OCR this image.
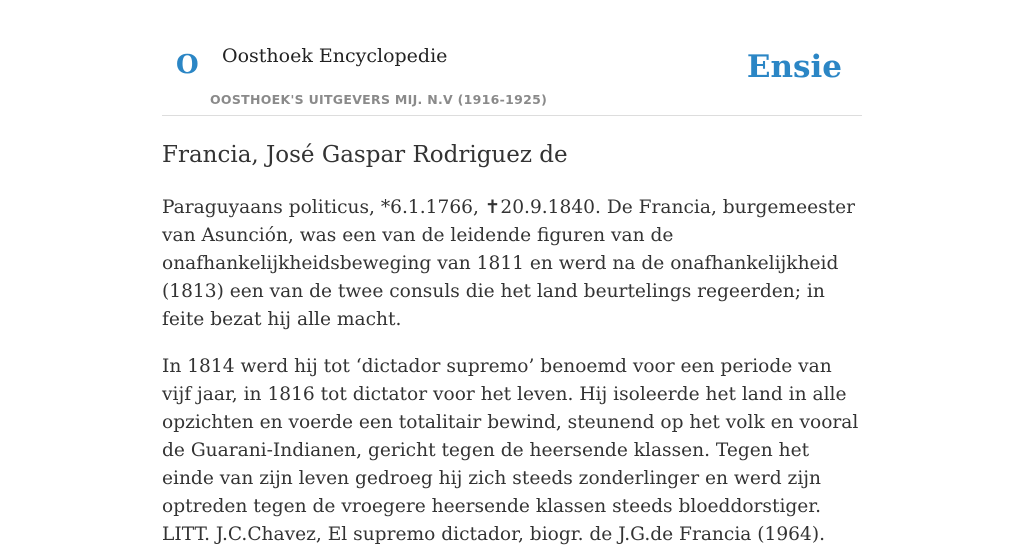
O Oosthoek Encyclopedie
OOSTHOEK'S UITGEVERS MIJ. N.V (1916-1925)
Ensie
Francia, José Gaspar Rodriguez de

Paraguyaans politicus, *6.1.1766, ✝20.9.1840. De Francia, burgemeester van Asunción, was een van de leidende figuren van de onafhankelijkheidsbeweging van 1811 en werd na de onafhankelijkheid (1813) een van de twee consuls die het land beurtelings regeerden; in feite bezat hij alle macht.

In 1814 werd hij tot ‘dictador supremo’ benoemd voor een periode van vijf jaar, in 1816 tot dictator voor het leven. Hij isoleerde het land in alle opzichten en voerde een totalitair bewind, steunend op het volk en vooral de Guarani-Indianen, gericht tegen de heersende klassen. Tegen het einde van zijn leven gedroeg hij zich steeds zonderlinger en werd zijn optreden tegen de vroegere heersende klassen steeds bloeddorstiger. LITT. J.C.Chavez, El supremo dictador, biogr. de J.G.de Francia (1964).
